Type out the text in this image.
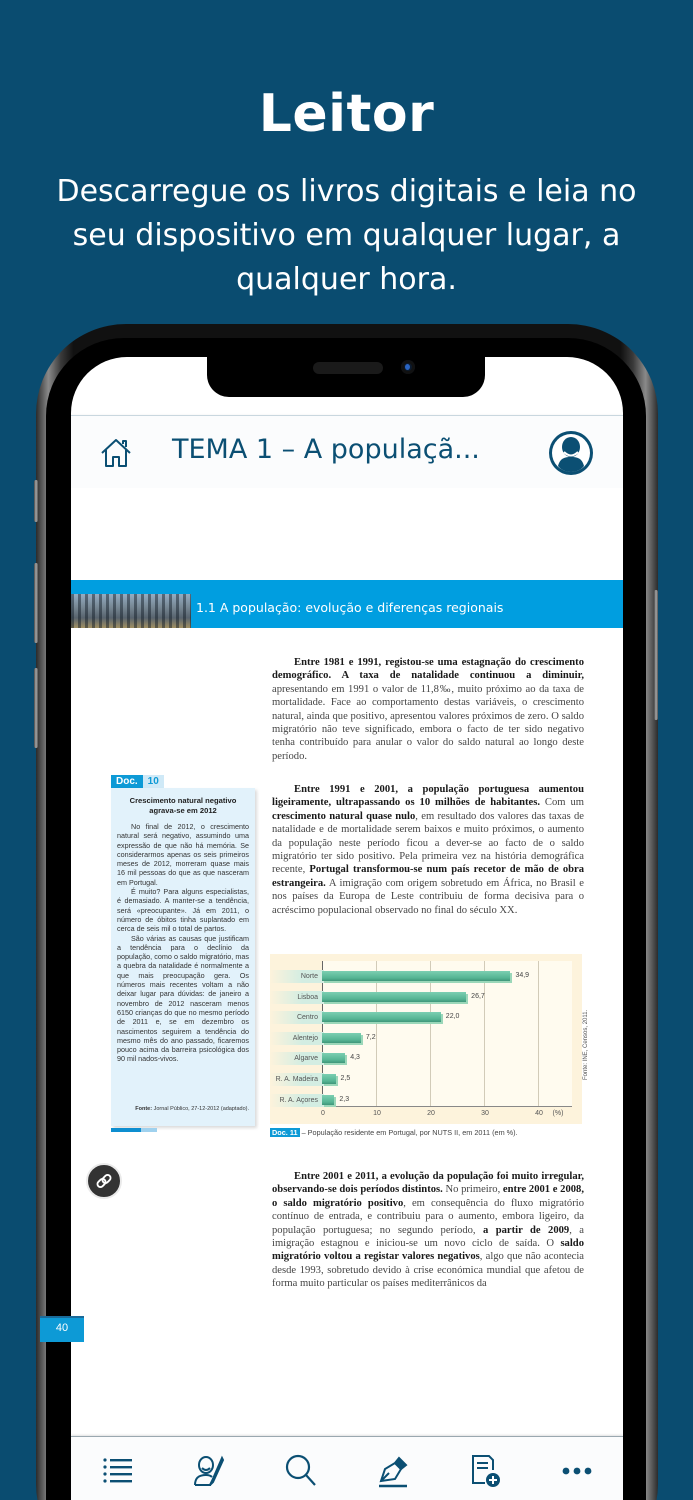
Leitor
Descarregue os livros digitais e leia no seu dispositivo em qualquer lugar, a qualquer hora.
TEMA 1 – A populaçã...
1.1 A população: evolução e diferenças regionais
Entre 1981 e 1991, registou-se uma estagnação do crescimento demográfico. A taxa de natalidade continuou a diminuir, apresentando em 1991 o valor de 11,8‰, muito próximo ao da taxa de mortalidade. Face ao comportamento destas variáveis, o crescimento natural, ainda que positivo, apresentou valores próximos de zero. O saldo migratório não teve significado, embora o facto de ter sido negativo tenha contribuído para anular o valor do saldo natural ao longo deste período.
Entre 1991 e 2001, a população portuguesa aumentou ligeiramente, ultrapassando os 10 milhões de habitantes. Com um crescimento natural quase nulo, em resultado dos valores das taxas de natalidade e de mortalidade serem baixos e muito próximos, o aumento da população neste período ficou a dever-se ao facto de o saldo migratório ter sido positivo. Pela primeira vez na história demográfica recente, Portugal transformou-se num país recetor de mão de obra estrangeira. A imigração com origem sobretudo em África, no Brasil e nos países da Europa de Leste contribuiu de forma decisiva para o acréscimo populacional observado no final do século XX.
Doc.	10
Crescimento natural negativo agrava-se em 2012
No final de 2012, o crescimento natural será negativo, assumindo uma expressão de que não há memória. Se considerarmos apenas os seis primeiros meses de 2012, morreram quase mais 16 mil pessoas do que as que nasceram em Portugal.
É muito? Para alguns especialistas, é demasiado. A manter-se a tendência, será «preocupante». Já em 2011, o número de óbitos tinha suplantado em cerca de seis mil o total de partos.
São várias as causas que justificam a tendência para o declínio da população, como o saldo migratório, mas a quebra da natalidade é normalmente a que mais preocupação gera. Os números mais recentes voltam a não deixar lugar para dúvidas: de janeiro a novembro de 2012 nasceram menos 6150 crianças do que no mesmo período de 2011 e, se em dezembro os nascimentos seguirem a tendência do mesmo mês do ano passado, ficaremos pouco acima da barreira psicológica dos 90 mil nados-vivos.
Fonte: Jornal Público, 27-12-2012 (adaptado).
Norte	34,9
Lisboa	26,7
Centro	22,0
Alentejo	7,2
Algarve	4,3
R. A. Madeira	2,5
R. A. Açores	2,3
0	10	20	30	40 (%)
Fonte: INE, Censos, 2011.
Doc. 11 – População residente em Portugal, por NUTS II, em 2011 (em %).
Entre 2001 e 2011, a evolução da população foi muito irregular, observando-se dois períodos distintos. No primeiro, entre 2001 e 2008, o saldo migratório positivo, em consequência do fluxo migratório contínuo de entrada, e contribuiu para o aumento, embora ligeiro, da população portuguesa; no segundo período, a partir de 2009, a imigração estagnou e iniciou-se um novo ciclo de saída. O saldo migratório voltou a registar valores negativos, algo que não acontecia desde 1993, sobretudo devido à crise económica mundial que afetou de forma muito particular os países mediterrânicos da
40
